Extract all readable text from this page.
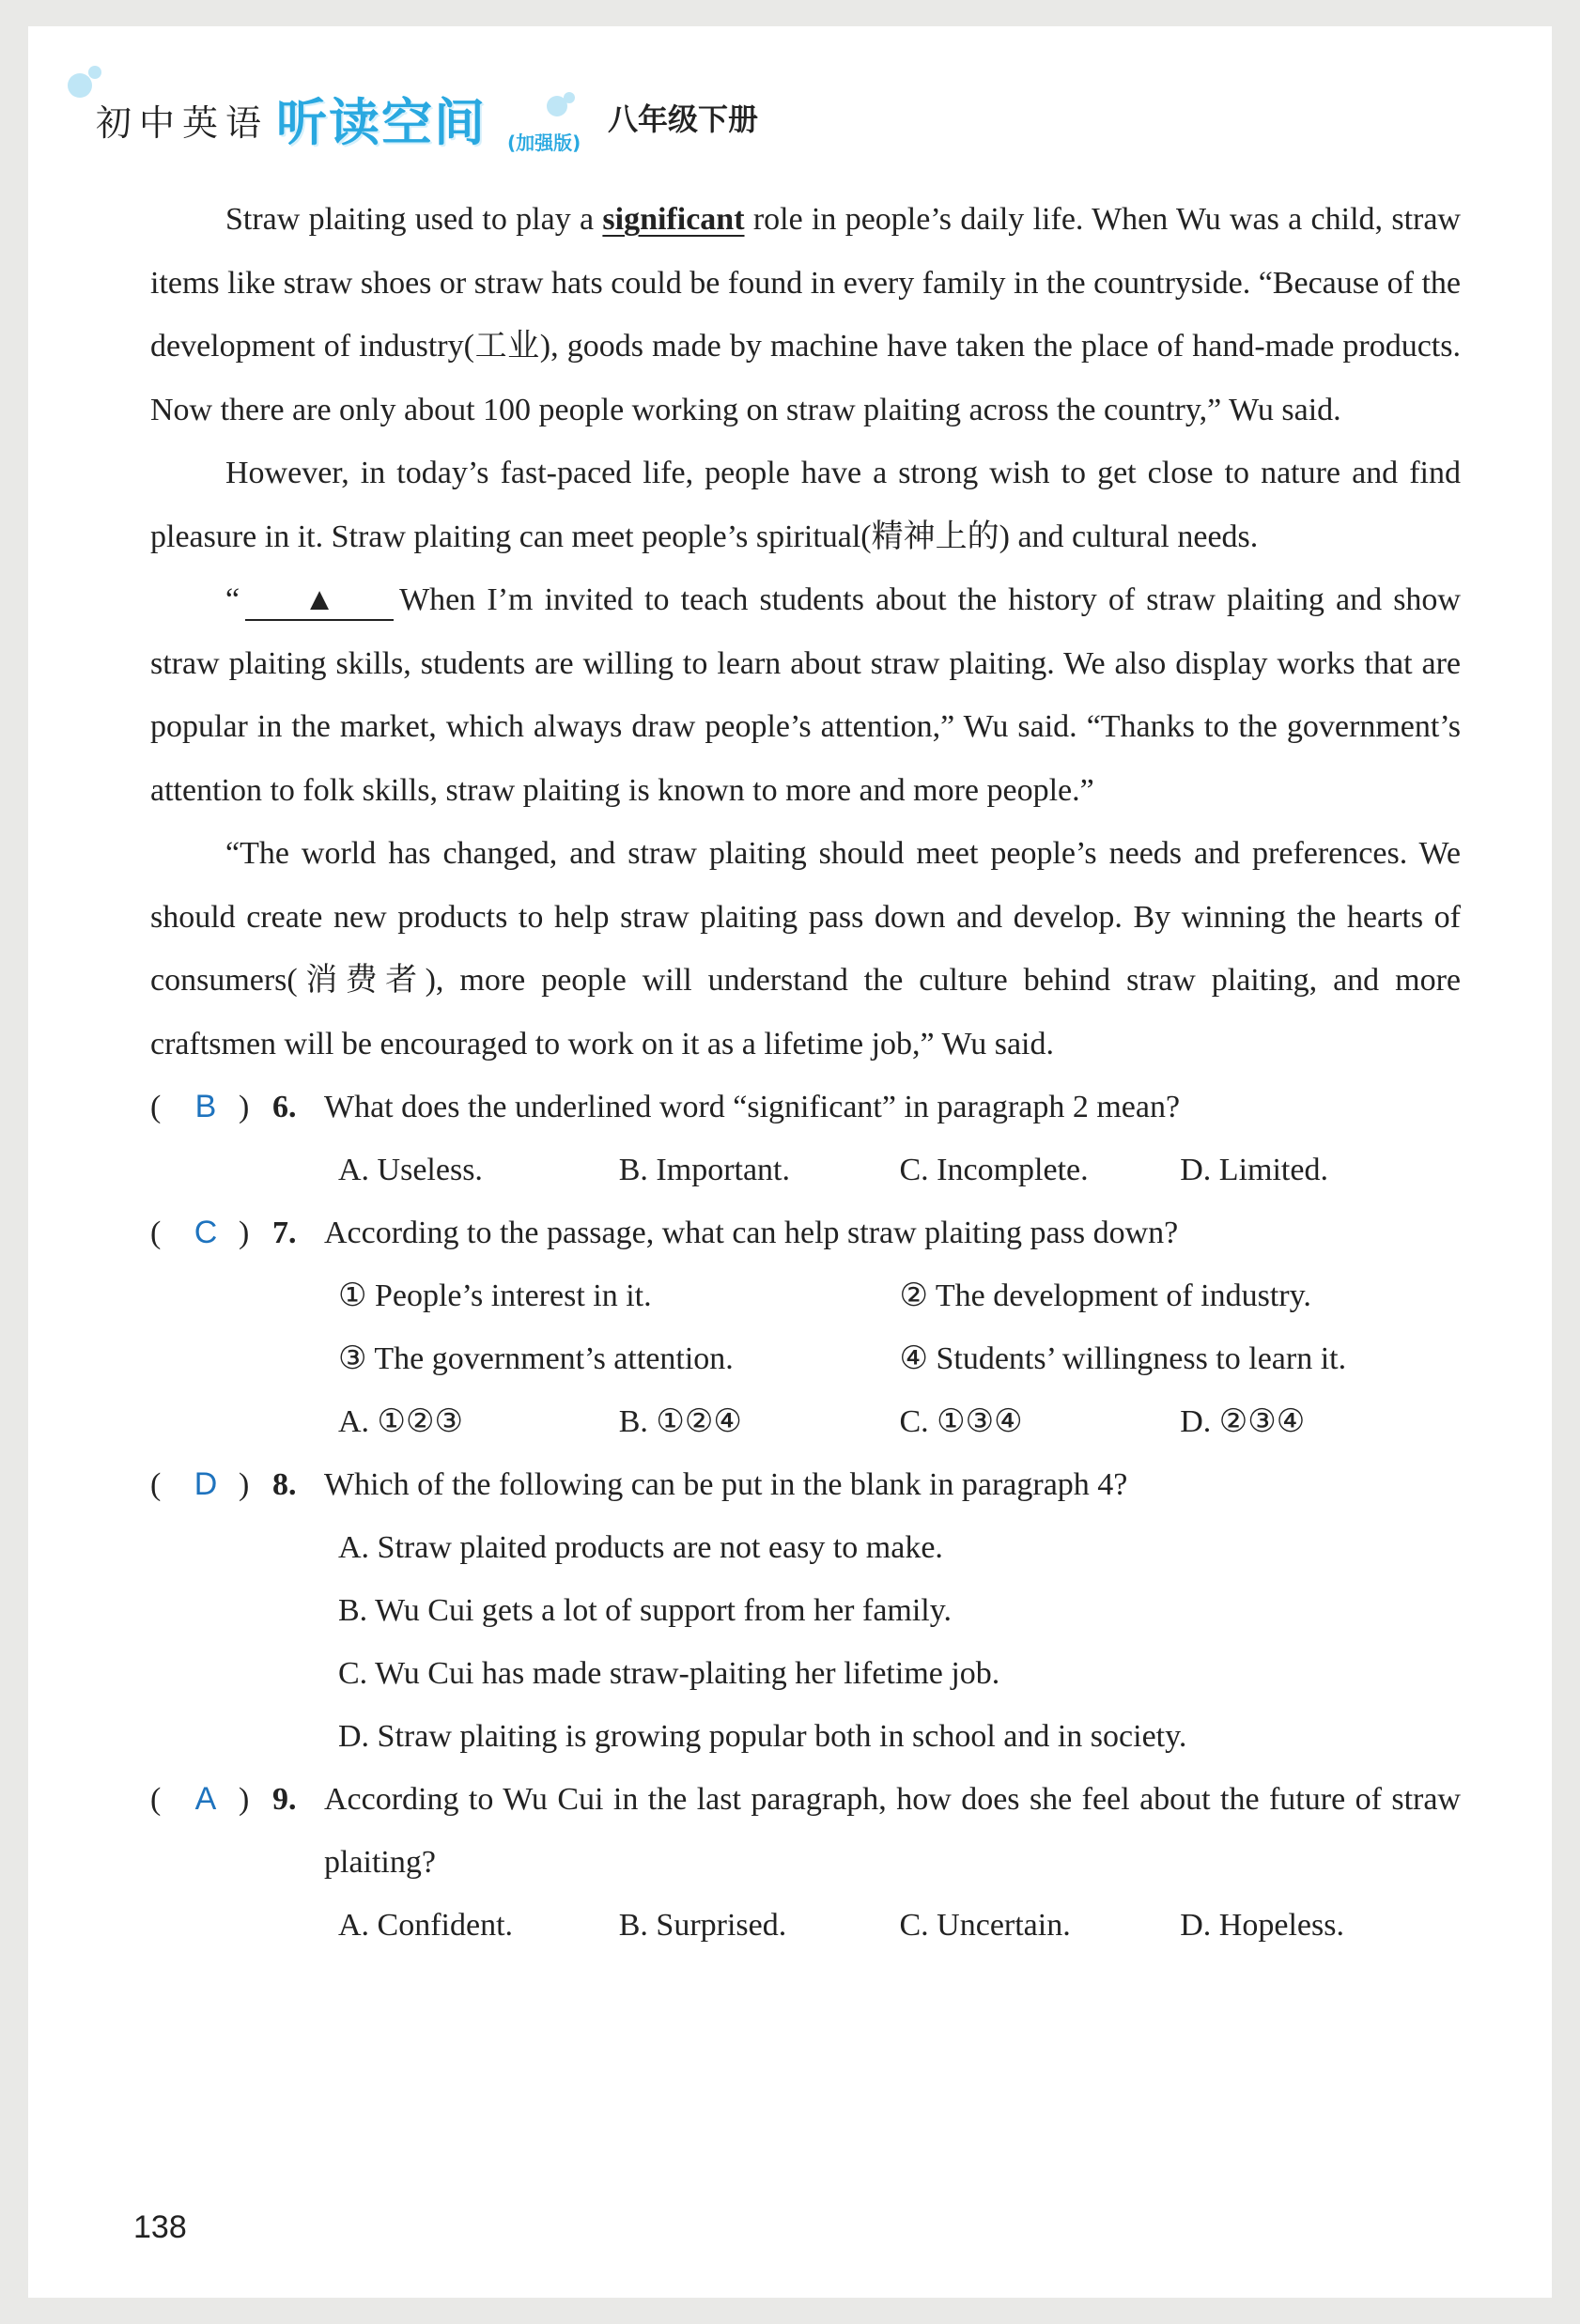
初中英语 听读空间 (加强版)
八年级下册

Straw plaiting used to play a significant role in people’s daily life. When Wu was a child, straw items like straw shoes or straw hats could be found in every family in the countryside. “Because of the development of industry(工业), goods made by machine have taken the place of hand-made products. Now there are only about 100 people working on straw plaiting across the country,” Wu said.

However, in today’s fast-paced life, people have a strong wish to get close to nature and find pleasure in it. Straw plaiting can meet people’s spiritual(精神上的) and cultural needs.

“ ▲ When I’m invited to teach students about the history of straw plaiting and show straw plaiting skills, students are willing to learn about straw plaiting. We also display works that are popular in the market, which always draw people’s attention,” Wu said. “Thanks to the government’s attention to folk skills, straw plaiting is known to more and more people.”

“The world has changed, and straw plaiting should meet people’s needs and preferences. We should create new products to help straw plaiting pass down and develop. By winning the hearts of consumers(消费者), more people will understand the culture behind straw plaiting, and more craftsmen will be encouraged to work on it as a lifetime job,” Wu said.

(	B ) 6. What does the underlined word “significant” in paragraph 2 mean?
A. Useless.	B. Important.	C. Incomplete.	D. Limited.
(	C ) 7. According to the passage, what can help straw plaiting pass down?
① People’s interest in it.	② The development of industry.
③ The government’s attention.	④ Students’ willingness to learn it.
A. ①②③	B. ①②④	C. ①③④	D. ②③④
(	D ) 8. Which of the following can be put in the blank in paragraph 4?
A. Straw plaited products are not easy to make.
B. Wu Cui gets a lot of support from her family.
C. Wu Cui has made straw-plaiting her lifetime job.
D. Straw plaiting is growing popular both in school and in society.
(	A ) 9. According to Wu Cui in the last paragraph, how does she feel about the future of straw plaiting?
A. Confident.	B. Surprised.	C. Uncertain.	D. Hopeless.
138
